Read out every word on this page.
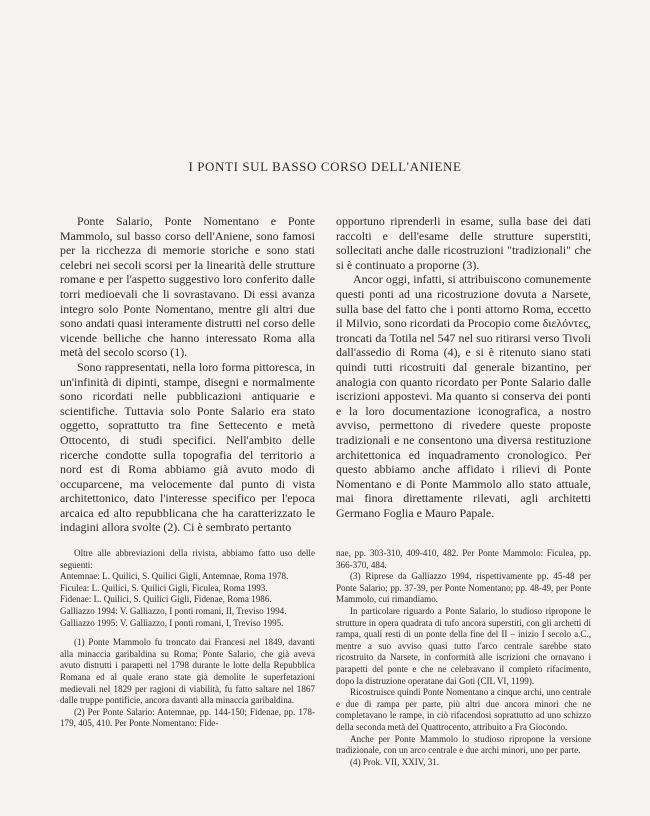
I PONTI SUL BASSO CORSO DELL'ANIENE

Ponte Salario, Ponte Nomentano e Ponte Mammolo, sul basso corso dell'Aniene, sono famosi per la ricchezza di memorie storiche e sono stati celebri nei secoli scorsi per la linearità delle strutture romane e per l'aspetto suggestivo loro conferito dalle torri medioevali che li sovrastavano. Di essi avanza integro solo Ponte Nomentano, mentre gli altri due sono andati quasi interamente distrutti nel corso delle vicende belliche che hanno interessato Roma alla metà del secolo scorso (1).

Sono rappresentati, nella loro forma pittoresca, in un'infinità di dipinti, stampe, disegni e normalmente sono ricordati nelle pubblicazioni antiquarie e scientifiche. Tuttavia solo Ponte Salario era stato oggetto, soprattutto tra fine Settecento e metà Ottocento, di studi specifici. Nell'ambito delle ricerche condotte sulla topografia del territorio a nord est di Roma abbiamo già avuto modo di occuparcene, ma velocemente dal punto di vista architettonico, dato l'interesse specifico per l'epoca arcaica ed alto repubblicana che ha caratterizzato le indagini allora svolte (2). Ci è sembrato pertanto

opportuno riprenderli in esame, sulla base dei dati raccolti e dell'esame delle strutture superstiti, sollecitati anche dalle ricostruzioni "tradizionali" che si è continuato a proporne (3).

Ancor oggi, infatti, si attribuiscono comunemente questi ponti ad una ricostruzione dovuta a Narsete, sulla base del fatto che i ponti attorno Roma, eccetto il Milvio, sono ricordati da Procopio come διελόντες, troncati da Totila nel 547 nel suo ritirarsi verso Tivoli dall'assedio di Roma (4), e si è ritenuto siano stati quindi tutti ricostruiti dal generale bizantino, per analogia con quanto ricordato per Ponte Salario dalle iscrizioni appostevi. Ma quanto si conserva dei ponti e la loro documentazione iconografica, a nostro avviso, permettono di rivedere queste proposte tradizionali e ne consentono una diversa restituzione architettonica ed inquadramento cronologico. Per questo abbiamo anche affidato i rilievi di Ponte Nomentano e di Ponte Mammolo allo stato attuale, mai finora direttamente rilevati, agli architetti Germano Foglia e Mauro Papale.

Oltre alle abbreviazioni della rivista, abbiamo fatto uso delle seguenti:

Antemnae: L. Quilici, S. Quilici Gigli, Antemnae, Roma 1978.

Ficulea: L. Quilici, S. Quilici Gigli, Ficulea, Roma 1993.

Fidenae: L. Quilici, S. Quilici Gigli, Fidenae, Roma 1986.

Galliazzo 1994: V. Galliazzo, I ponti romani, II, Treviso 1994.

Galliazzo 1995: V. Galliazzo, I ponti romani, I, Treviso 1995.

(1) Ponte Mammolo fu troncato dai Francesi nel 1849, davanti alla minaccia garibaldina su Roma; Ponte Salario, che già aveva avuto distrutti i parapetti nel 1798 durante le lotte della Repubblica Romana ed al quale erano state già demolite le superfetazioni medievali nel 1829 per ragioni di viabilità, fu fatto saltare nel 1867 dalle truppe pontificie, ancora davanti alla minaccia garibaldina.

(2) Per Ponte Salario: Antemnae, pp. 144-150; Fidenae, pp. 178-179, 405, 410. Per Ponte Nomentano: Fide-

nae, pp. 303-310, 409-410, 482. Per Ponte Mammolo: Ficulea, pp. 366-370, 484.

(3) Riprese da Galliazzo 1994, rispettivamente pp. 45-48 per Ponte Salario; pp. 37-39, per Ponte Nomentano; pp. 48-49, per Ponte Mammolo, cui rimandiamo.

In particolare riguardo a Ponte Salario, lo studioso ripropone le strutture in opera quadrata di tufo ancora superstiti, con gli archetti di rampa, quali resti di un ponte della fine del II – inizio I secolo a.C., mentre a suo avviso quasi tutto l'arco centrale sarebbe stato ricostruito da Narsete, in conformità alle iscrizioni che ornavano i parapetti del ponte e che ne celebravano il completo rifacimento, dopo la distruzione operatane dai Goti (CIL VI, 1199).

Ricostruisce quindi Ponte Nomentano a cinque archi, uno centrale e due di rampa per parte, più altri due ancora minori che ne completavano le rampe, in ciò rifacendosi soprattutto ad uno schizzo della seconda metà del Quattrocento, attribuito a Fra Giocondo.

Anche per Ponte Mammolo lo studioso ripropone la versione tradizionale, con un arco centrale e due archi minori, uno per parte.

(4) Prok. VII, XXIV, 31.
